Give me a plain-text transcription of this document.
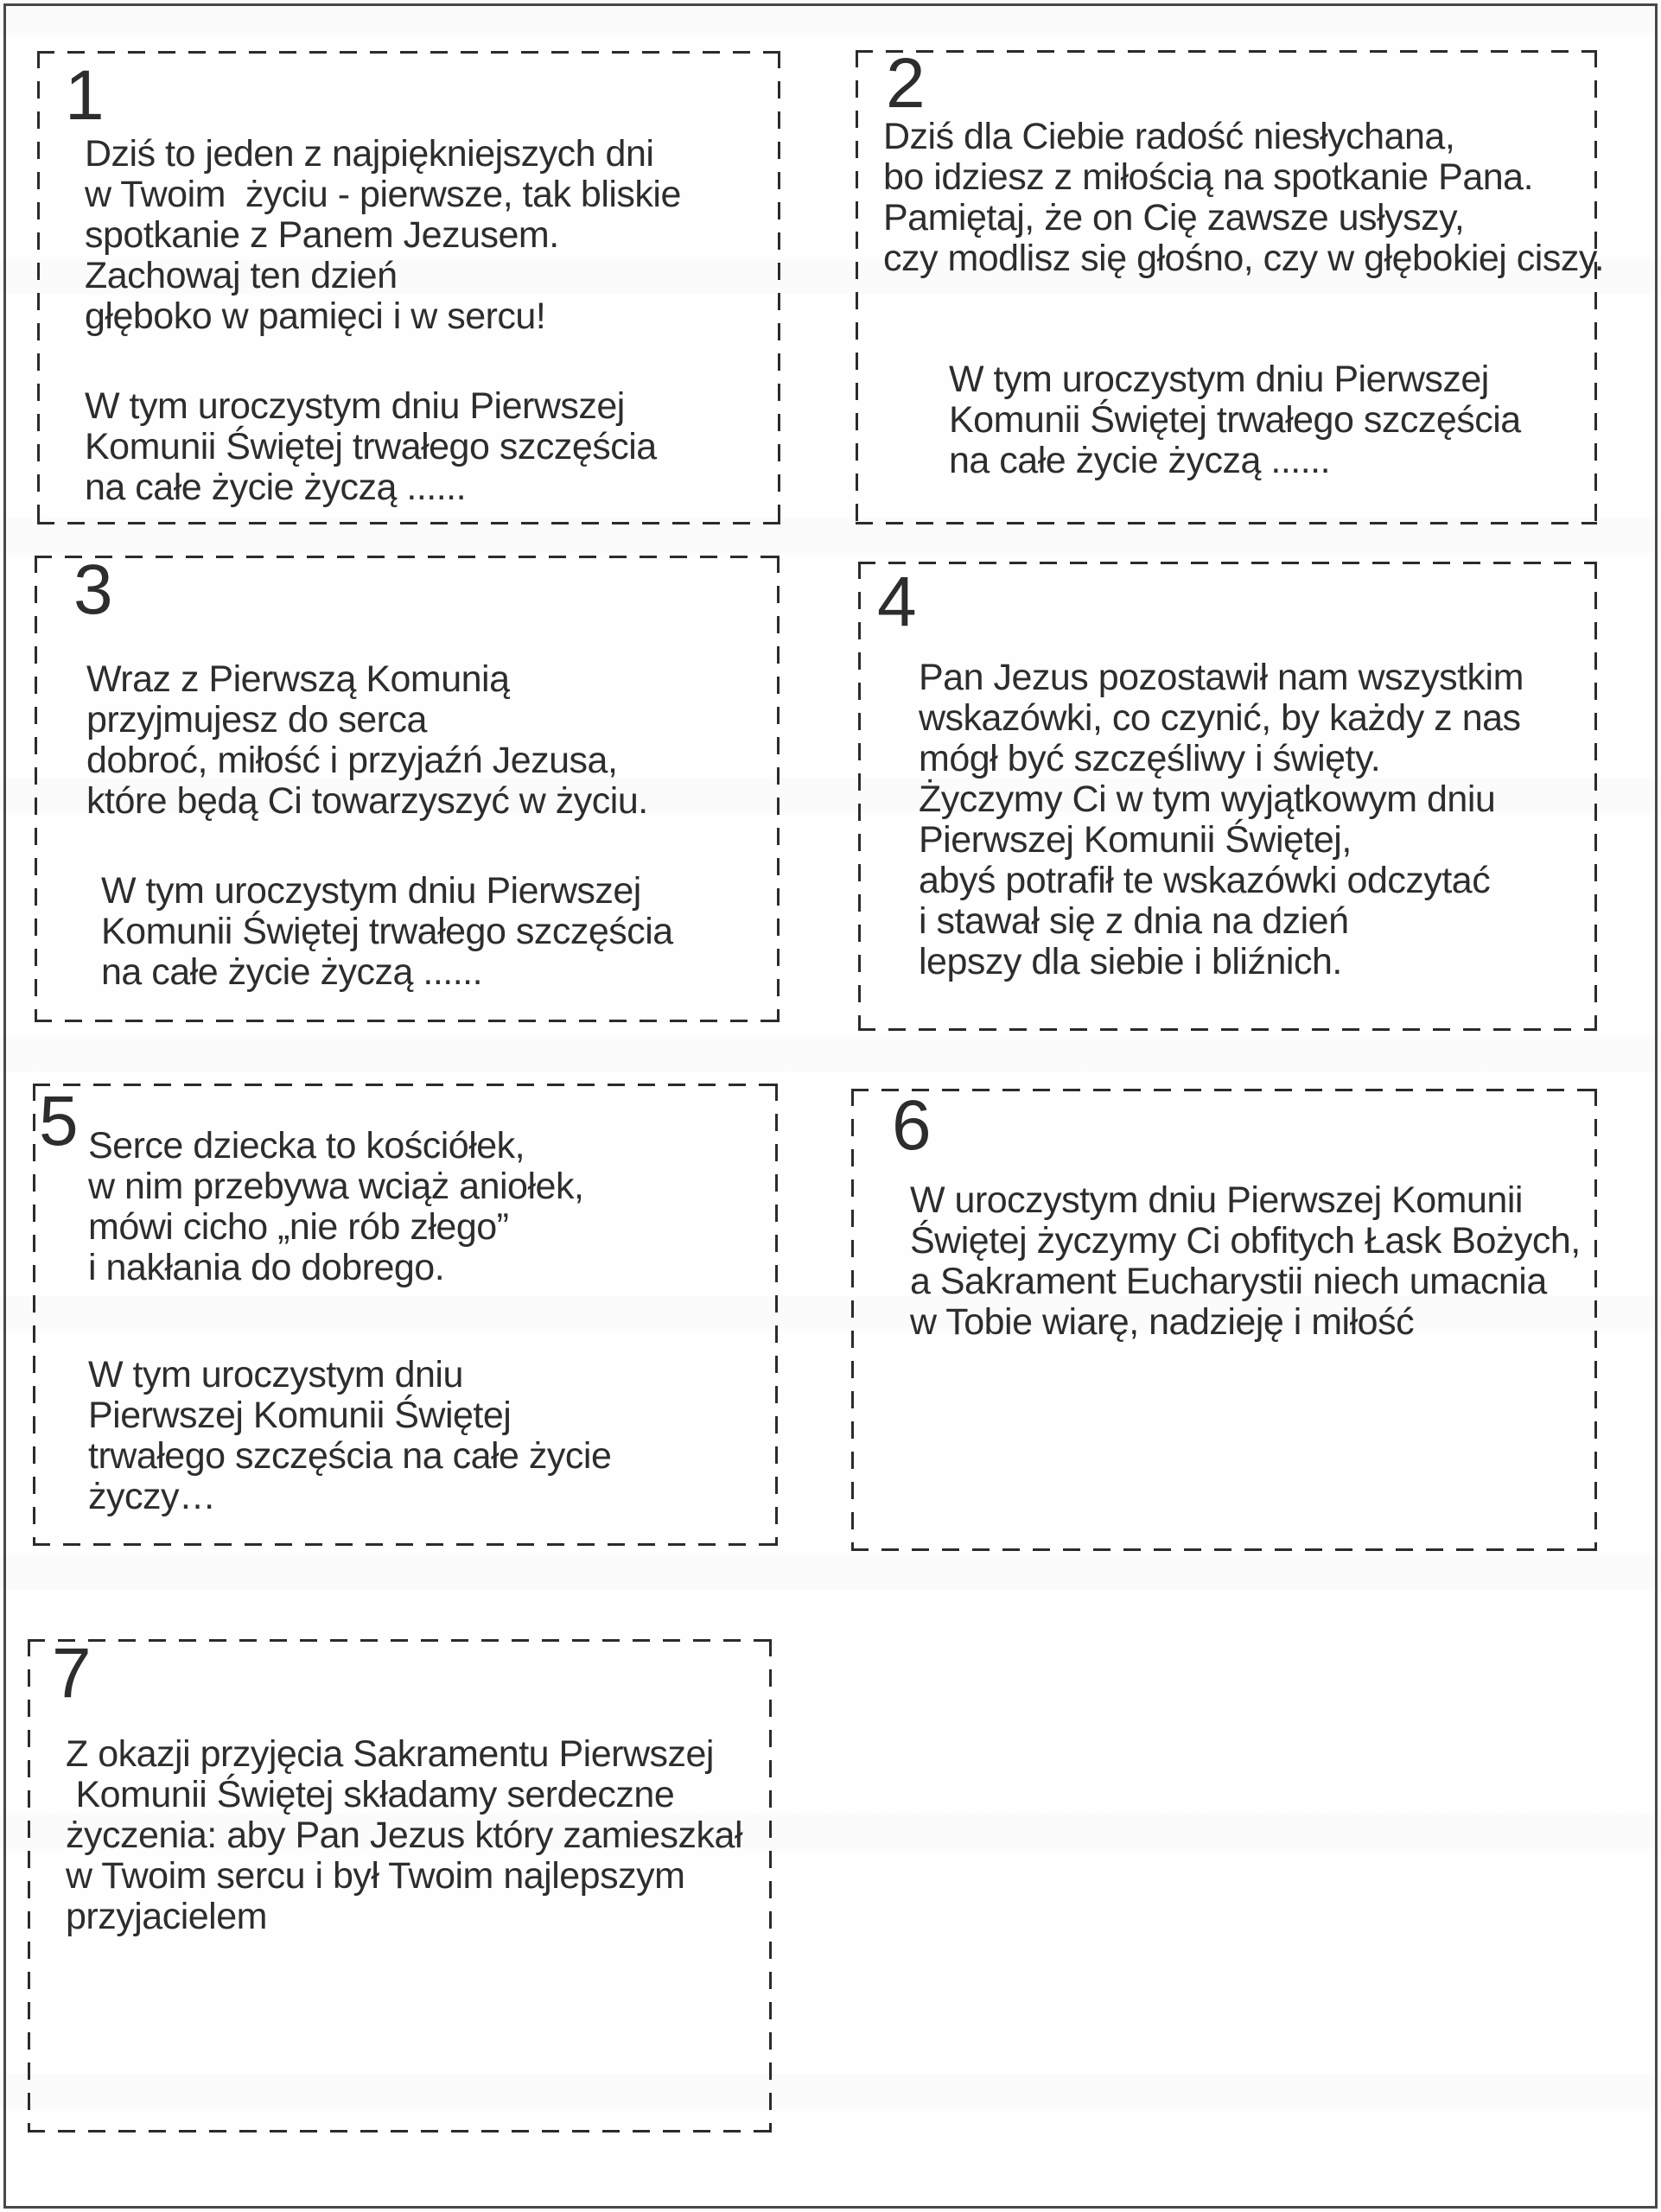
1
Dziś to jeden z najpiękniejszych dni
w Twoim  życiu - pierwsze, tak bliskie
spotkanie z Panem Jezusem.
Zachowaj ten dzień
głęboko w pamięci i w sercu!
W tym uroczystym dniu Pierwszej
Komunii Świętej trwałego szczęścia
na całe życie życzą ......
2
Dziś dla Ciebie radość niesłychana,
bo idziesz z miłością na spotkanie Pana.
Pamiętaj, że on Cię zawsze usłyszy,
czy modlisz się głośno, czy w głębokiej ciszy.
W tym uroczystym dniu Pierwszej
Komunii Świętej trwałego szczęścia
na całe życie życzą ......
3
Wraz z Pierwszą Komunią
przyjmujesz do serca
dobroć, miłość i przyjaźń Jezusa,
które będą Ci towarzyszyć w życiu.
W tym uroczystym dniu Pierwszej
Komunii Świętej trwałego szczęścia
na całe życie życzą ......
4
Pan Jezus pozostawił nam wszystkim
wskazówki, co czynić, by każdy z nas
mógł być szczęśliwy i święty.
Życzymy Ci w tym wyjątkowym dniu
Pierwszej Komunii Świętej,
abyś potrafił te wskazówki odczytać
i stawał się z dnia na dzień
lepszy dla siebie i bliźnich.
5 Serce dziecka to kościółek,
w nim przebywa wciąż aniołek,
mówi cicho „nie rób złego”
i nakłania do dobrego.
W tym uroczystym dniu
Pierwszej Komunii Świętej
trwałego szczęścia na całe życie
życzy…
6
W uroczystym dniu Pierwszej Komunii
Świętej życzymy Ci obfitych Łask Bożych,
a Sakrament Eucharystii niech umacnia
w Tobie wiarę, nadzieję i miłość
7
Z okazji przyjęcia Sakramentu Pierwszej
Komunii Świętej składamy serdeczne
życzenia: aby Pan Jezus który zamieszkał
w Twoim sercu i był Twoim najlepszym
przyjacielem
